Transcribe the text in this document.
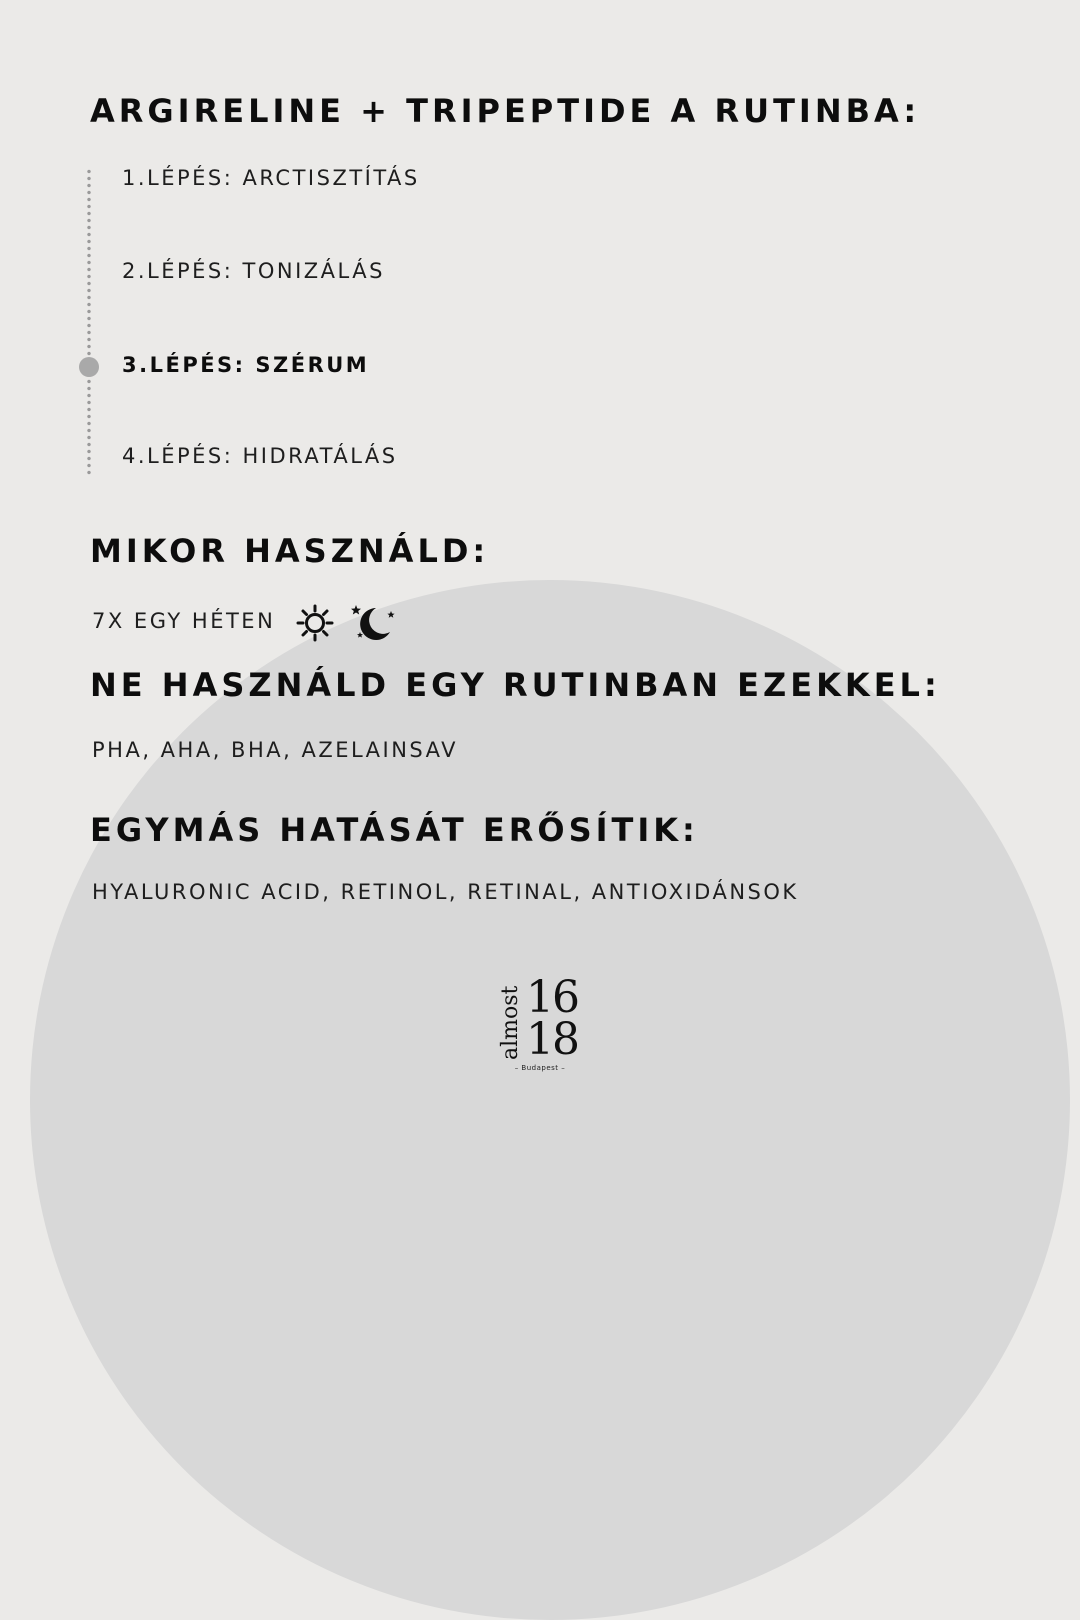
ARGIRELINE + TRIPEPTIDE A RUTINBA:

1.LÉPÉS: ARCTISZTÍTÁS

2.LÉPÉS: TONIZÁLÁS

3.LÉPÉS: SZÉRUM

4.LÉPÉS: HIDRATÁLÁS

MIKOR HASZNÁLD:

7X EGY HÉTEN

NE HASZNÁLD EGY RUTINBAN EZEKKEL:

PHA, AHA, BHA, AZELAINSAV

EGYMÁS HATÁSÁT ERŐSÍTIK:

HYALURONIC ACID, RETINOL, RETINAL, ANTIOXIDÁNSOK

almost 16
18
– Budapest –
